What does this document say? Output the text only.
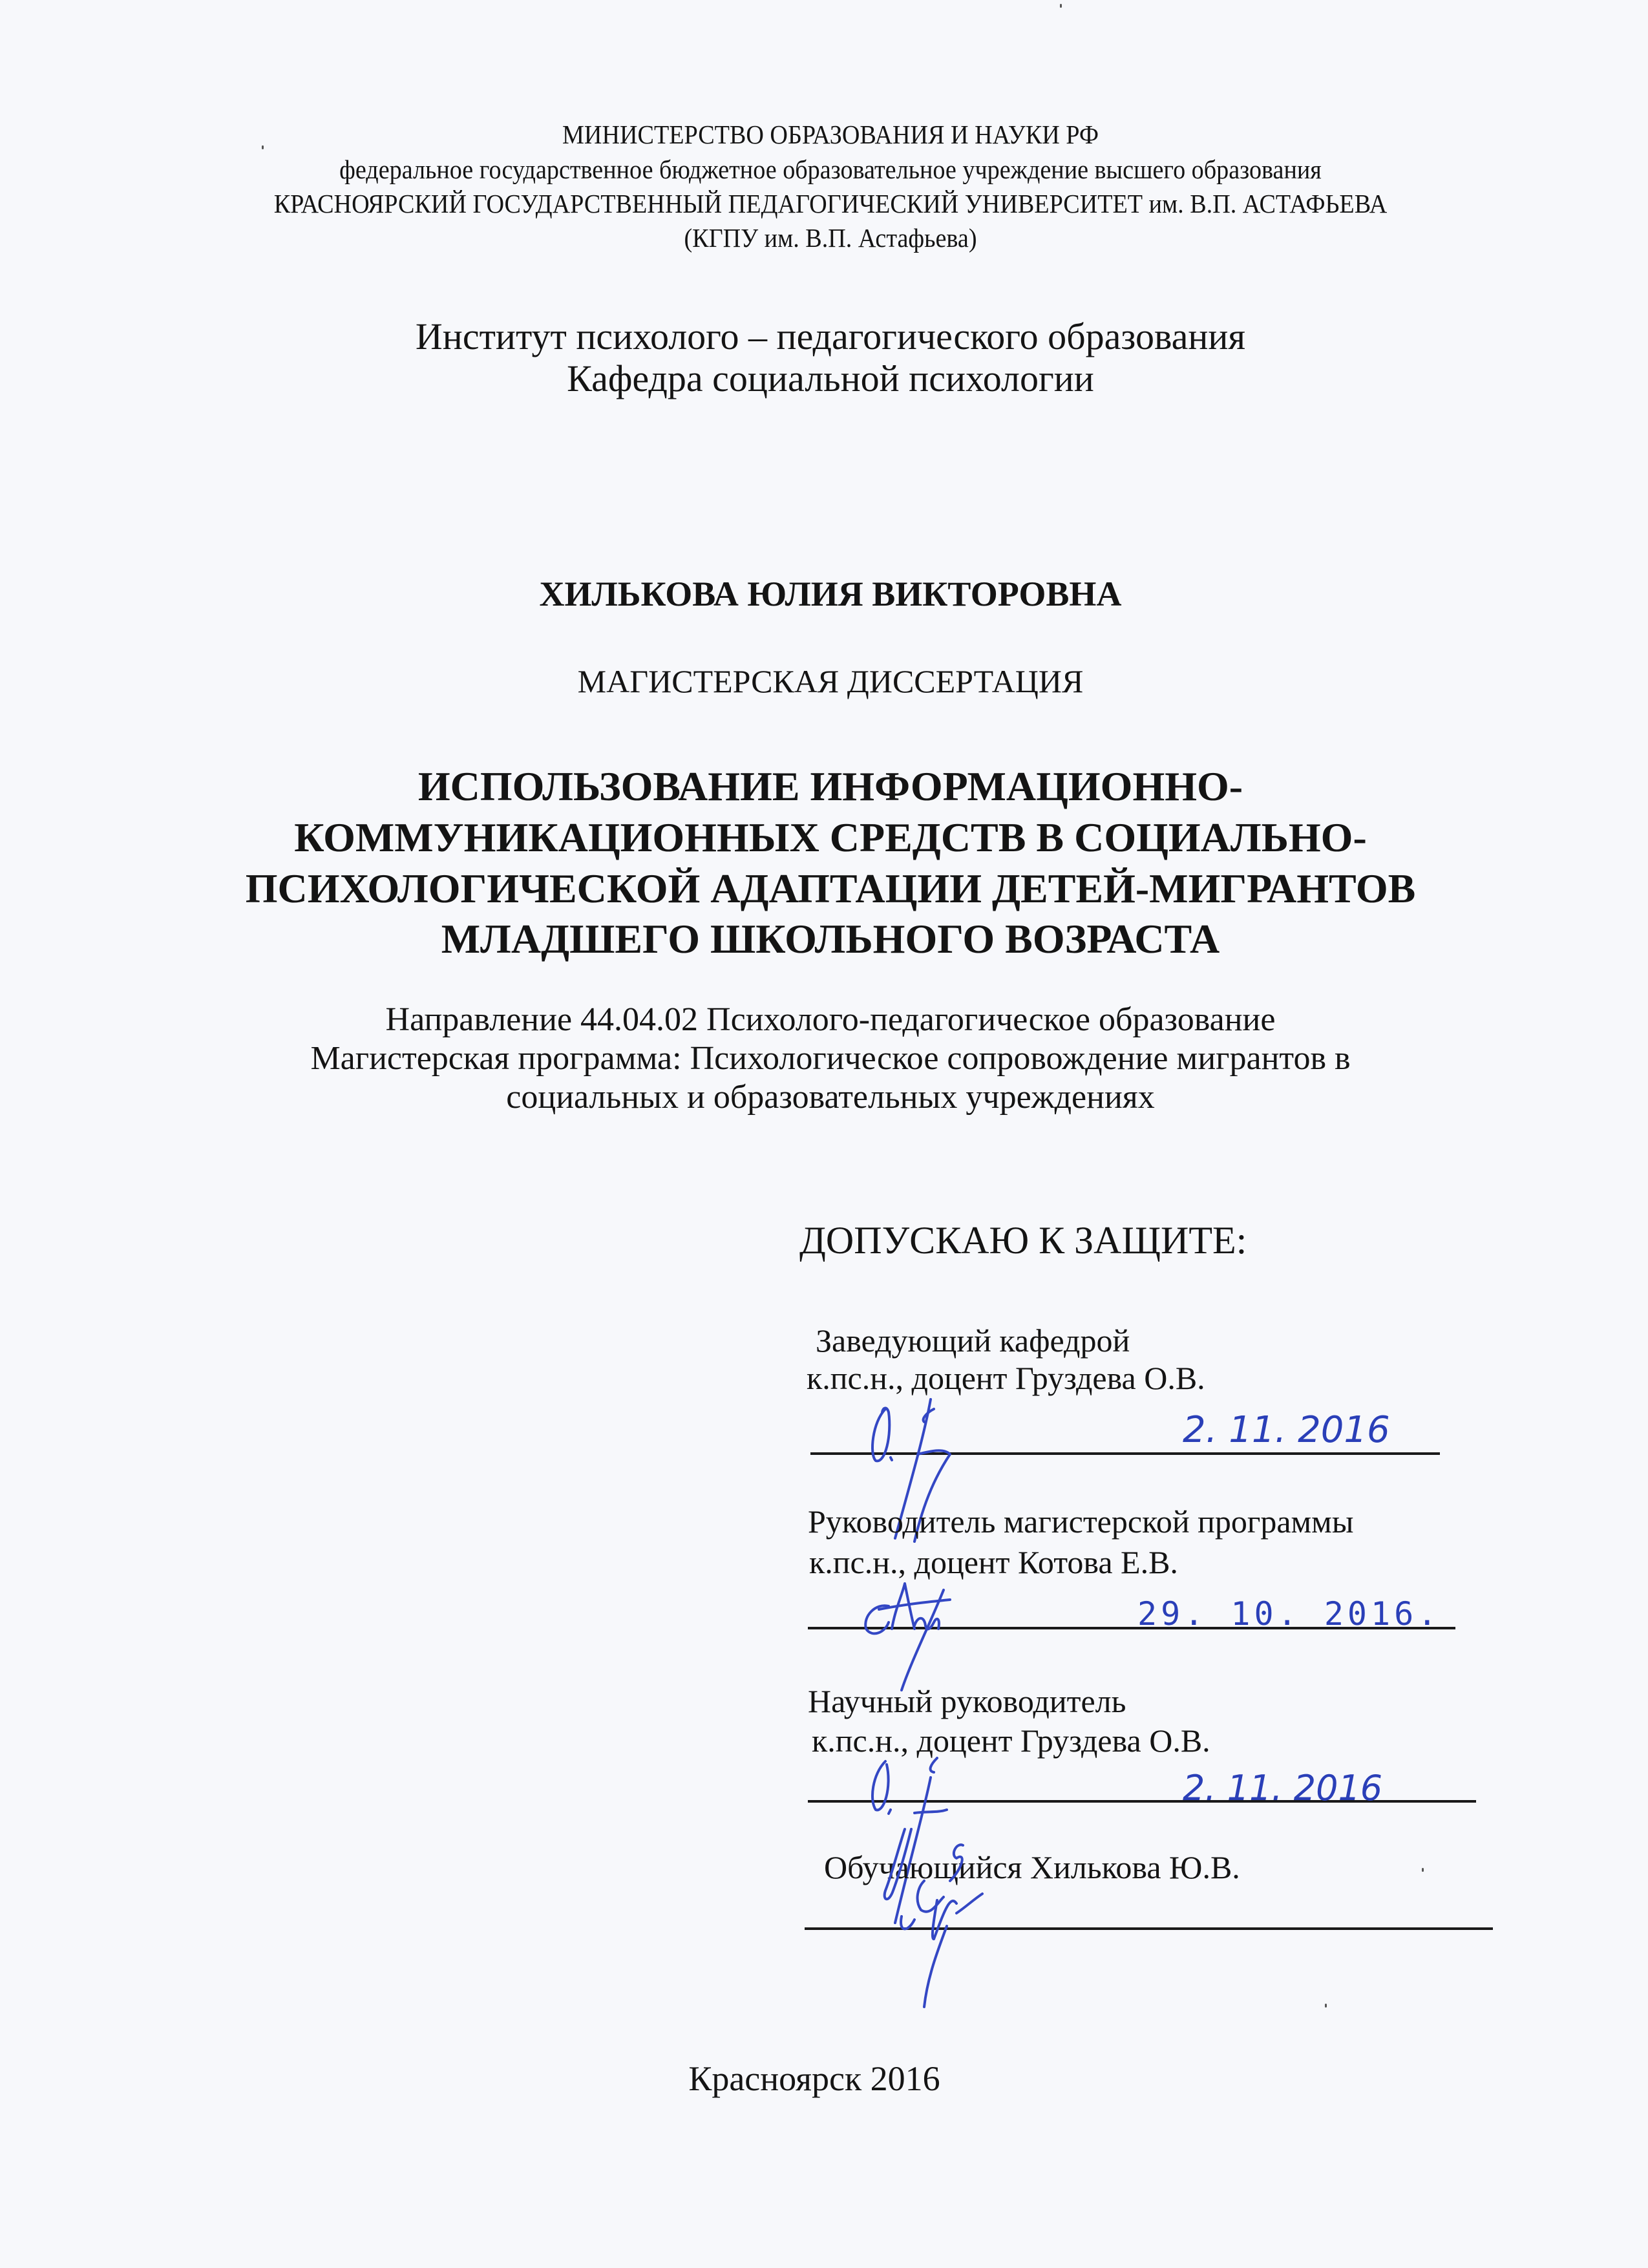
МИНИСТЕРСТВО ОБРАЗОВАНИЯ И НАУКИ РФ
федеральное государственное бюджетное образовательное учреждение высшего образования
КРАСНОЯРСКИЙ ГОСУДАРСТВЕННЫЙ ПЕДАГОГИЧЕСКИЙ УНИВЕРСИТЕТ им. В.П. АСТАФЬЕВА
(КГПУ им. В.П. Астафьева)
Институт психолого – педагогического образования
Кафедра социальной психологии
ХИЛЬКОВА ЮЛИЯ ВИКТОРОВНА
МАГИСТЕРСКАЯ ДИССЕРТАЦИЯ
ИСПОЛЬЗОВАНИЕ ИНФОРМАЦИОННО-
КОММУНИКАЦИОННЫХ СРЕДСТВ В СОЦИАЛЬНО-
ПСИХОЛОГИЧЕСКОЙ АДАПТАЦИИ ДЕТЕЙ-МИГРАНТОВ
МЛАДШЕГО ШКОЛЬНОГО ВОЗРАСТА
Направление 44.04.02 Психолого-педагогическое образование
Магистерская программа: Психологическое сопровождение мигрантов в
социальных и образовательных учреждениях
ДОПУСКАЮ К ЗАЩИТЕ:
Заведующий кафедрой
к.пс.н., доцент Груздева О.В.
2. 11. 2016
Руководитель магистерской программы
к.пс.н., доцент Котова Е.В.
29. 10. 2016.
Научный руководитель
к.пс.н., доцент Груздева О.В.
2. 11. 2016
Обучающийся Хилькова Ю.В.
Красноярск 2016
